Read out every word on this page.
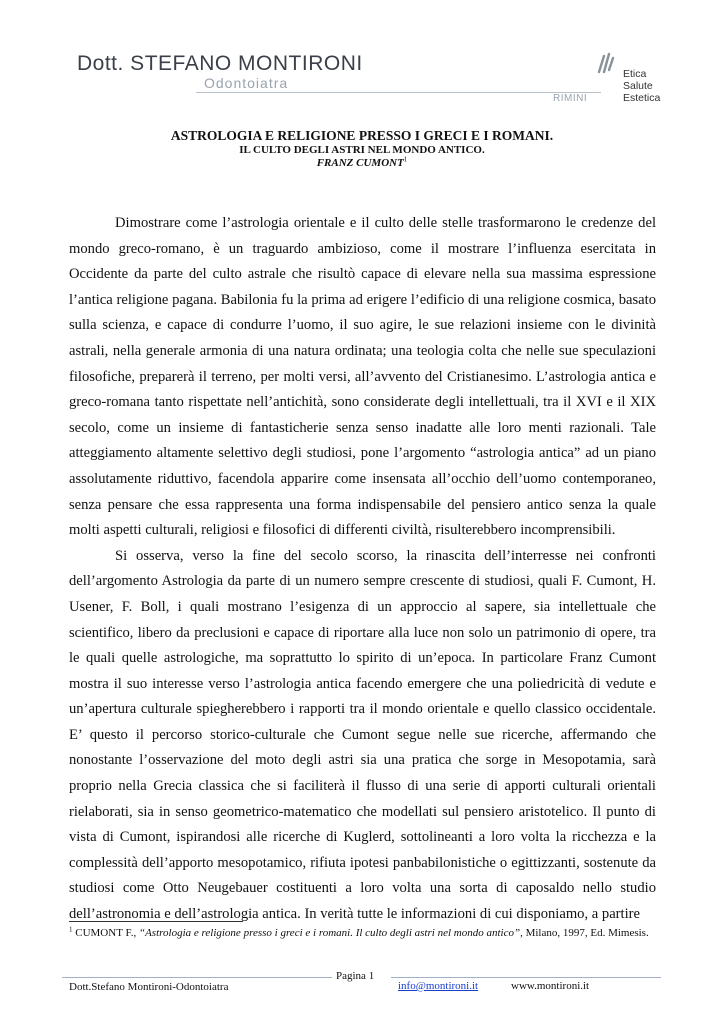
Dott. STEFANO MONTIRONI
Odontoiatra
RIMINI
Etica
Salute
Estetica
ASTROLOGIA E RELIGIONE PRESSO I GRECI E I ROMANI.
IL CULTO DEGLI ASTRI NEL MONDO ANTICO.
FRANZ CUMONT$^1$

Dimostrare come l’astrologia orientale e il culto delle stelle trasformarono le credenze del mondo greco-romano, è un traguardo ambizioso, come il mostrare l’influenza esercitata in Occidente da parte del culto astrale che risultò capace di elevare nella sua massima espressione l’antica religione pagana. Babilonia fu la prima ad erigere l’edificio di una religione cosmica, basato sulla scienza, e capace di condurre l’uomo, il suo agire, le sue relazioni insieme con le divinità astrali, nella generale armonia di una natura ordinata; una teologia colta che nelle sue speculazioni filosofiche, preparerà il terreno, per molti versi, all’avvento del Cristianesimo. L’astrologia antica e greco-romana tanto rispettate nell’antichità, sono considerate degli intellettuali, tra il XVI e il XIX secolo, come un insieme di fantasticherie senza senso inadatte alle loro menti razionali. Tale atteggiamento altamente selettivo degli studiosi, pone l’argomento “astrologia antica” ad un piano assolutamente riduttivo, facendola apparire come insensata all’occhio dell’uomo contemporaneo, senza pensare che essa rappresenta una forma indispensabile del pensiero antico senza la quale molti aspetti culturali, religiosi e filosofici di differenti civiltà, risulterebbero incomprensibili.

Si osserva, verso la fine del secolo scorso, la rinascita dell’interresse nei confronti dell’argomento Astrologia da parte di un numero sempre crescente di studiosi, quali F. Cumont, H. Usener, F. Boll, i quali mostrano l’esigenza di un approccio al sapere, sia intellettuale che scientifico, libero da preclusioni e capace di riportare alla luce non solo un patrimonio di opere, tra le quali quelle astrologiche, ma soprattutto lo spirito di un’epoca. In particolare Franz Cumont mostra il suo interesse verso l’astrologia antica facendo emergere che una poliedricità di vedute e un’apertura culturale spiegherebbero i rapporti tra il mondo orientale e quello classico occidentale. E’ questo il percorso storico-culturale che Cumont segue nelle sue ricerche, affermando che nonostante l’osservazione del moto degli astri sia una pratica che sorge in Mesopotamia, sarà proprio nella Grecia classica che si faciliterà il flusso di una serie di apporti culturali orientali rielaborati, sia in senso geometrico-matematico che modellati sul pensiero aristotelico. Il punto di vista di Cumont, ispirandosi alle ricerche di Kuglerd, sottolineanti a loro volta la ricchezza e la complessità dell’apporto mesopotamico, rifiuta ipotesi panbabilonistiche o egittizzanti, sostenute da studiosi come Otto Neugebauer costituenti a loro volta una sorta di caposaldo nello studio dell’astronomia e dell’astrologia antica. In verità tutte le informazioni di cui disponiamo, a partire

$^1$ CUMONT F., “Astrologia e religione presso i greci e i romani. Il culto degli astri nel mondo antico”, Milano, 1997, Ed. Mimesis.
Pagina 1
Dott.Stefano Montironi-Odontoiatra	info@montironi.it	www.montironi.it
